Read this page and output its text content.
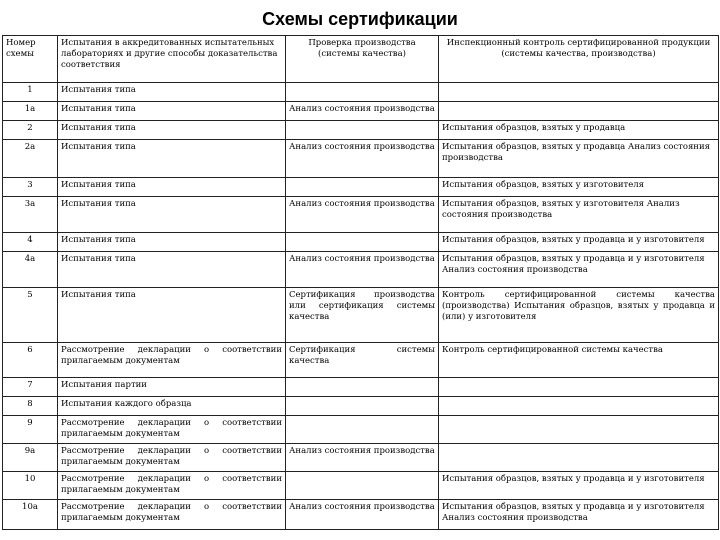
Схемы сертификации
Номер схемы	Испытания в аккредитованных испытательных лабораториях и другие способы доказательства соответствия	Проверка производства (системы качества)	Инспекционный контроль сертифицированной продукции (системы качества, производства)
1	Испытания типа		
1а	Испытания типа	Анализ состояния производства	
2	Испытания типа		Испытания образцов, взятых у продавца
2а	Испытания типа	Анализ состояния производства	Испытания образцов, взятых у продавца Анализ состояния производства
3	Испытания типа		Испытания образцов, взятых у изготовителя
3а	Испытания типа	Анализ состояния производства	Испытания образцов, взятых у изготовителя Анализ состояния производства
4	Испытания типа		Испытания образцов, взятых у продавца и у изготовителя
4а	Испытания типа	Анализ состояния производства	Испытания образцов, взятых у продавца и у изготовителя Анализ состояния производства
5	Испытания типа	Сертификация производства или сертификация системы качества	Контроль сертифицированной системы качества (производства) Испытания образцов, взятых у продавца и (или) у изготовителя
6	Рассмотрение декларации о соответствии прилагаемым документам	Сертификация системы качества	Контроль сертифицированной системы качества
7	Испытания партии		
8	Испытания каждого образца		
9	Рассмотрение декларации о соответствии прилагаемым документам		
9а	Рассмотрение декларации о соответствии прилагаемым документам	Анализ состояния производства	
10	Рассмотрение декларации о соответствии прилагаемым документам		Испытания образцов, взятых у продавца и у изготовителя
10а	Рассмотрение декларации о соответствии прилагаемым документам	Анализ состояния производства	Испытания образцов, взятых у продавца и у изготовителя Анализ состояния производства
